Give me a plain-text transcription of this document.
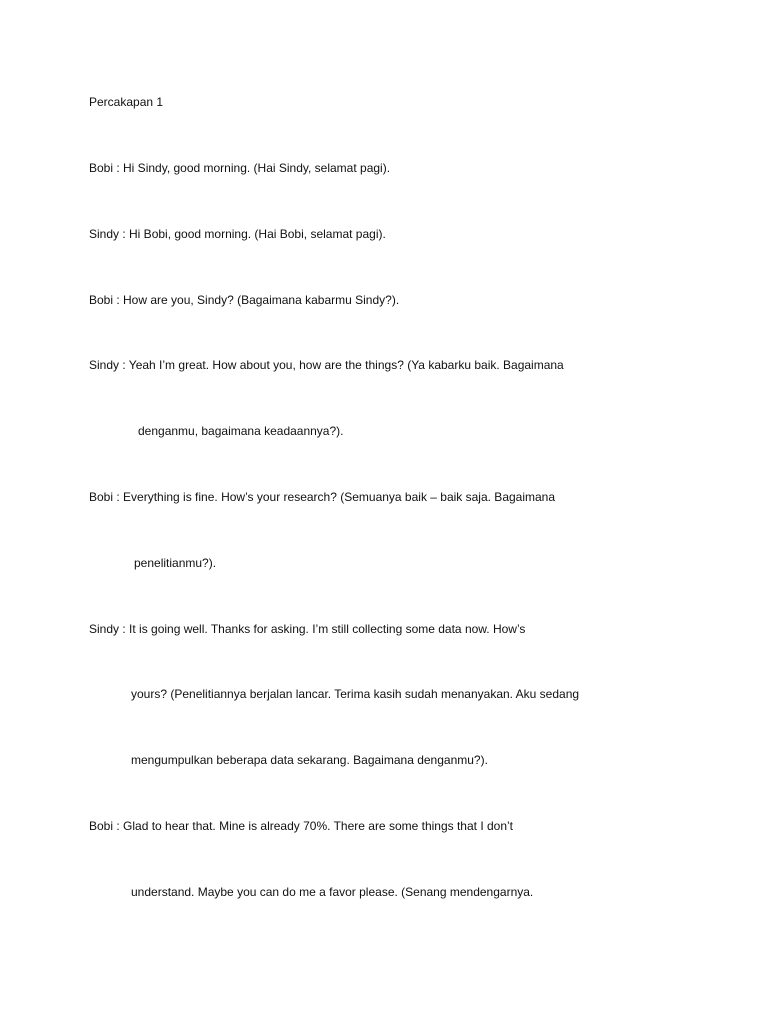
Percakapan 1

Bobi : Hi Sindy, good morning. (Hai Sindy, selamat pagi).

Sindy : Hi Bobi, good morning. (Hai Bobi, selamat pagi).

Bobi : How are you, Sindy? (Bagaimana kabarmu Sindy?).

Sindy : Yeah I’m great. How about you, how are the things? (Ya kabarku baik. Bagaimana

denganmu, bagaimana keadaannya?).

Bobi : Everything is fine. How’s your research? (Semuanya baik – baik saja. Bagaimana

penelitianmu?).

Sindy : It is going well. Thanks for asking. I’m still collecting some data now. How’s

yours? (Penelitiannya berjalan lancar. Terima kasih sudah menanyakan. Aku sedang

mengumpulkan beberapa data sekarang. Bagaimana denganmu?).

Bobi : Glad to hear that. Mine is already 70%. There are some things that I don’t

understand. Maybe you can do me a favor please. (Senang mendengarnya.
